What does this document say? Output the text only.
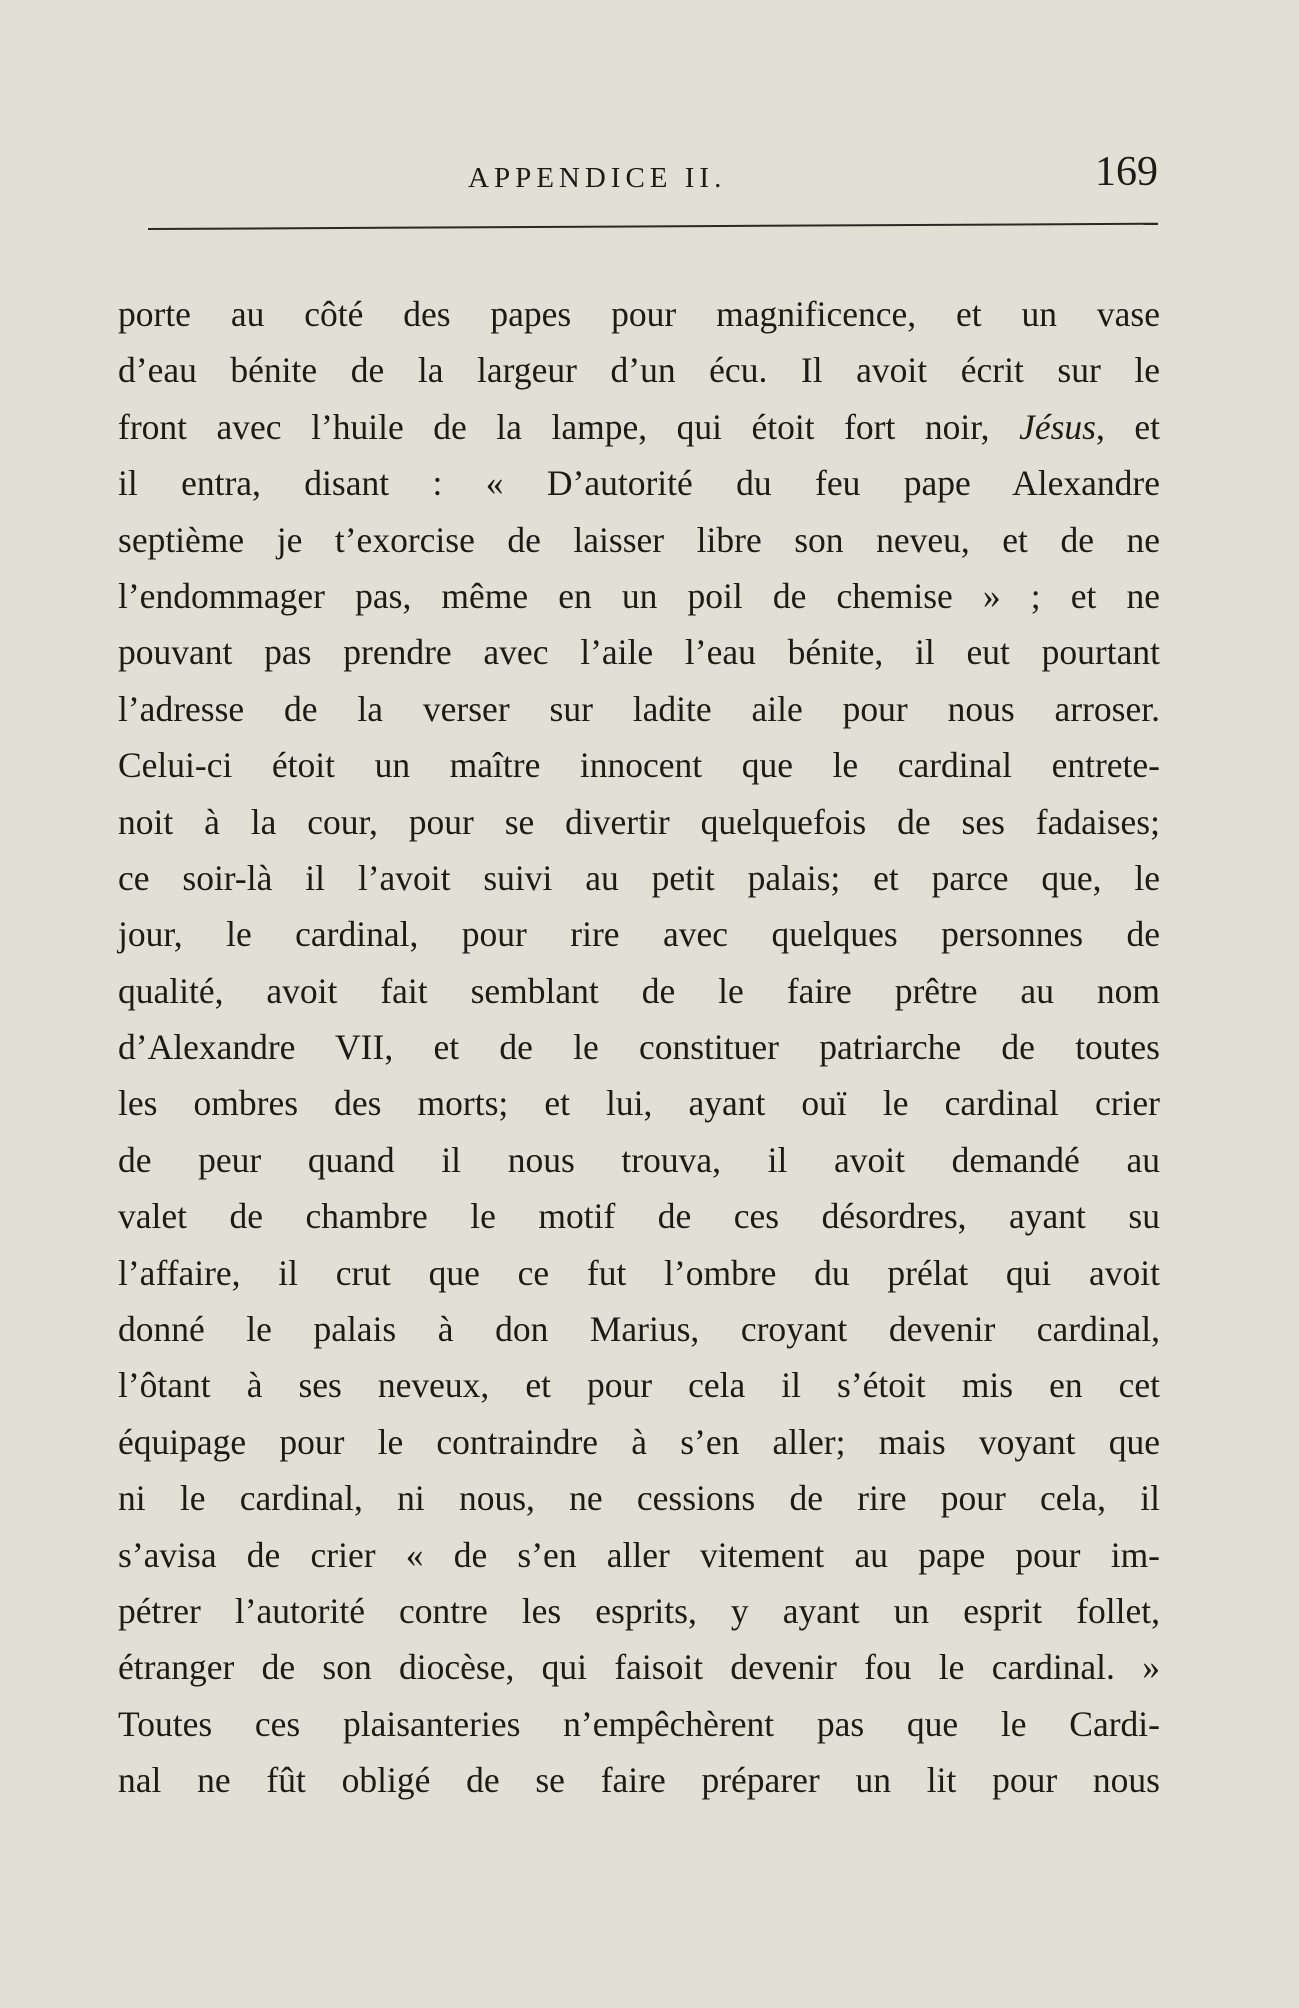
APPENDICE II.	169
porte au côté des papes pour magnificence, et un vase
d’eau bénite de la largeur d’un écu. Il avoit écrit sur le
front avec l’huile de la lampe, qui étoit fort noir, Jésus, et
il entra, disant : « D’autorité du feu pape Alexandre
septième je t’exorcise de laisser libre son neveu, et de ne
l’endommager pas, même en un poil de chemise » ; et ne
pouvant pas prendre avec l’aile l’eau bénite, il eut pourtant
l’adresse de la verser sur ladite aile pour nous arroser.
Celui-ci étoit un maître innocent que le cardinal entrete-
noit à la cour, pour se divertir quelquefois de ses fadaises;
ce soir-là il l’avoit suivi au petit palais; et parce que, le
jour, le cardinal, pour rire avec quelques personnes de
qualité, avoit fait semblant de le faire prêtre au nom
d’Alexandre VII, et de le constituer patriarche de toutes
les ombres des morts; et lui, ayant ouï le cardinal crier
de peur quand il nous trouva, il avoit demandé au
valet de chambre le motif de ces désordres, ayant su
l’affaire, il crut que ce fut l’ombre du prélat qui avoit
donné le palais à don Marius, croyant devenir cardinal,
l’ôtant à ses neveux, et pour cela il s’étoit mis en cet
équipage pour le contraindre à s’en aller; mais voyant que
ni le cardinal, ni nous, ne cessions de rire pour cela, il
s’avisa de crier « de s’en aller vitement au pape pour im-
pétrer l’autorité contre les esprits, y ayant un esprit follet,
étranger de son diocèse, qui faisoit devenir fou le cardinal. »
Toutes ces plaisanteries n’empêchèrent pas que le Cardi-
nal ne fût obligé de se faire préparer un lit pour nous
